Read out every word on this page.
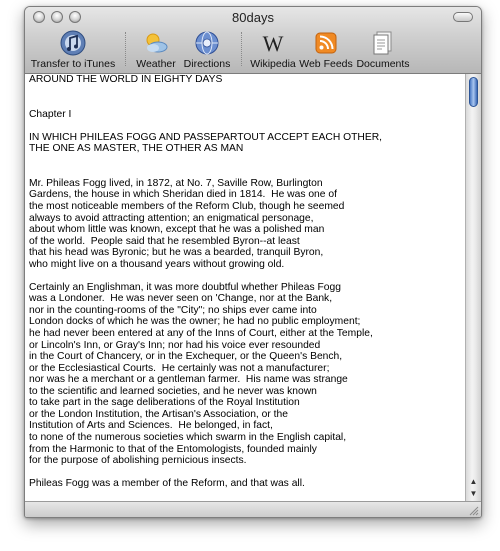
80days
Transfer to iTunes	Weather Directions
W
Wikipedia Web Feeds Documents
AROUND THE WORLD IN EIGHTY DAYS

Chapter I

IN WHICH PHILEAS FOGG AND PASSEPARTOUT ACCEPT EACH OTHER,
THE ONE AS MASTER, THE OTHER AS MAN

Mr. Phileas Fogg lived, in 1872, at No. 7, Saville Row, Burlington
Gardens, the house in which Sheridan died in 1814.  He was one of
the most noticeable members of the Reform Club, though he seemed
always to avoid attracting attention; an enigmatical personage,
about whom little was known, except that he was a polished man
of the world.  People said that he resembled Byron--at least
that his head was Byronic; but he was a bearded, tranquil Byron,
who might live on a thousand years without growing old.

Certainly an Englishman, it was more doubtful whether Phileas Fogg
was a Londoner.  He was never seen on 'Change, nor at the Bank,
nor in the counting-rooms of the "City"; no ships ever came into
London docks of which he was the owner; he had no public employment;
he had never been entered at any of the Inns of Court, either at the Temple,
or Lincoln's Inn, or Gray's Inn; nor had his voice ever resounded
in the Court of Chancery, or in the Exchequer, or the Queen's Bench,
or the Ecclesiastical Courts.  He certainly was not a manufacturer;
nor was he a merchant or a gentleman farmer.  His name was strange
to the scientific and learned societies, and he never was known
to take part in the sage deliberations of the Royal Institution
or the London Institution, the Artisan's Association, or the
Institution of Arts and Sciences.  He belonged, in fact,
to none of the numerous societies which swarm in the English capital,
from the Harmonic to that of the Entomologists, founded mainly
for the purpose of abolishing pernicious insects.

Phileas Fogg was a member of the Reform, and that was all.	▲
▼
